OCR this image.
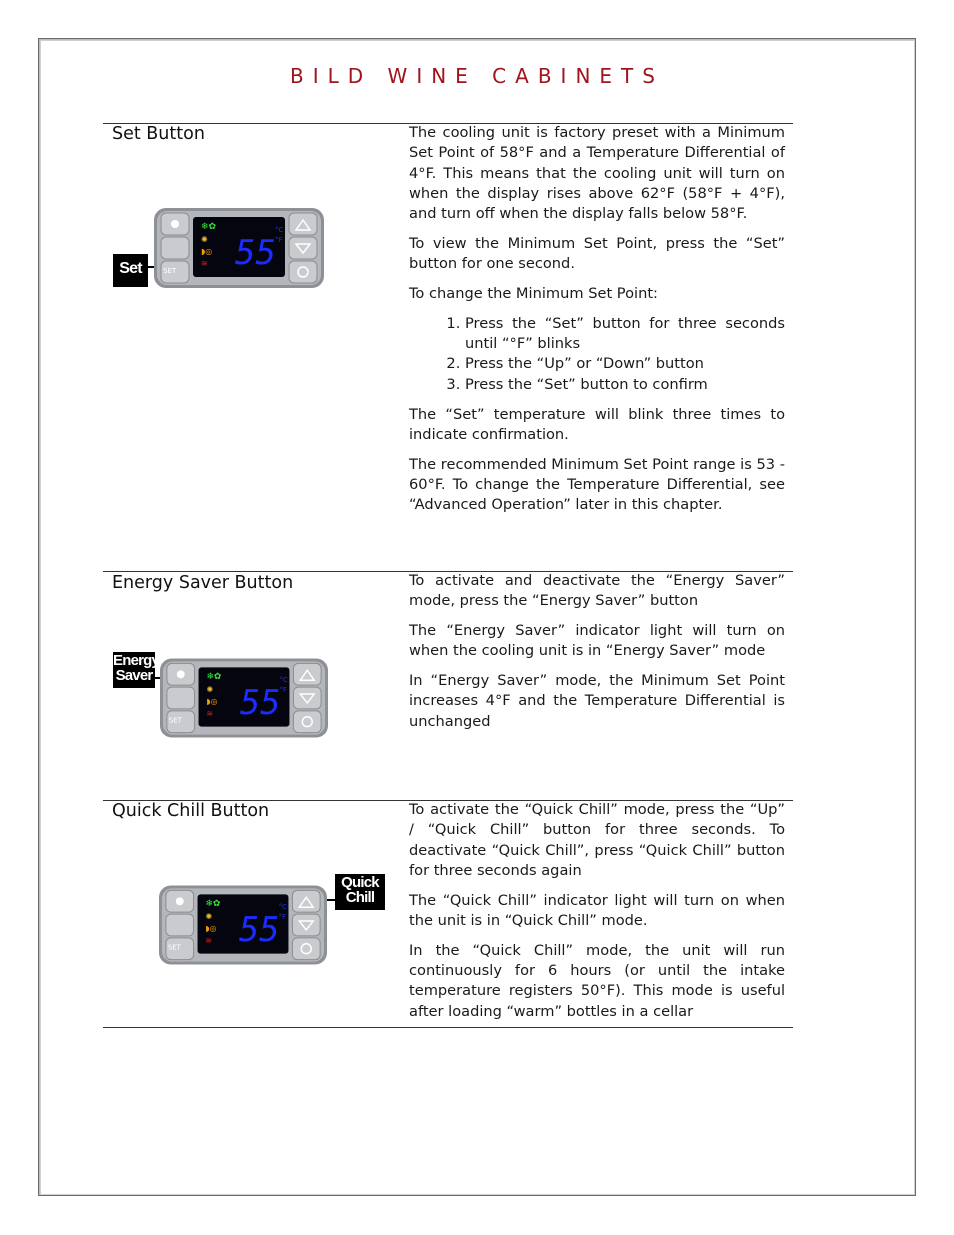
BILD WINE CABINETS
Set Button	The cooling unit is factory preset with a Minimum Set Point of 58°F and a Temperature Differential of 4°F. This means that the cooling unit will turn on when the display rises above 62°F (58°F + 4°F), and turn off when the display falls below 58°F.

To view the Minimum Set Point, press the “Set” button for one second.

To change the Minimum Set Point:

1. Press the “Set” button for three seconds until “°F” blinks
2. Press the “Up” or “Down” button
3. Press the “Set” button to confirm

The “Set” temperature will blink three times to indicate confirmation.

The recommended Minimum Set Point range is 53 - 60°F. To change the Temperature Differential, see “Advanced Operation” later in this chapter.

Set	SET
❄✿
✺
◗◎
≋ 55
°C
°F
Energy Saver Button	To activate and deactivate the “Energy Saver” mode, press the “Energy Saver” button

The “Energy Saver” indicator light will turn on when the cooling unit is in “Energy Saver” mode

In “Energy Saver” mode, the Minimum Set Point increases 4°F and the Temperature Differential is unchanged

Energy
Saver
SET
❄✿
✺
◗◎
≋ 55
°C
°F
Quick Chill Button	To activate the “Quick Chill” mode, press the “Up” / “Quick Chill” button for three seconds. To deactivate “Quick Chill”, press “Quick Chill” button for three seconds again

The “Quick Chill” indicator light will turn on when the unit is in “Quick Chill” mode.

In the “Quick Chill” mode, the unit will run continuously for 6 hours (or until the intake temperature registers 50°F). This mode is useful after loading “warm” bottles in a cellar

Quick
Chill
SET
❄✿
✺
◗◎
≋ 55
°C
°F
